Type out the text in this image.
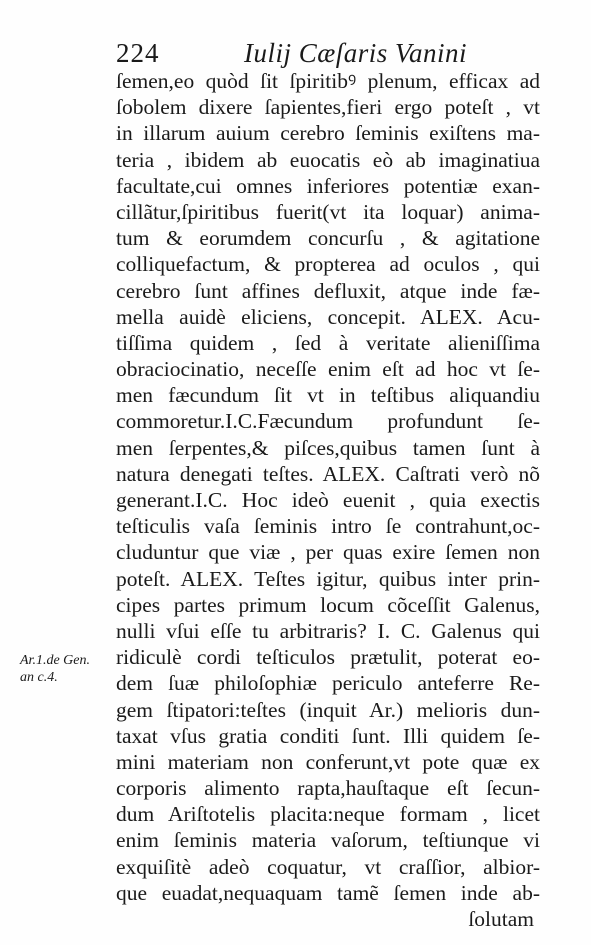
224	Iulij Cæſaris Vanini
ſemen,eo quòd ſit ſpiritibꝰ plenum, efficax ad
ſobolem dixere ſapientes,fieri ergo poteſt , vt
in illarum auium cerebro ſeminis exiſtens ma-
teria , ibidem ab euocatis eò ab imaginatiua
facultate,cui omnes inferiores potentiæ exan-
cillãtur,ſpiritibus fuerit(vt ita loquar) anima-
tum & eorumdem concurſu , & agitatione
colliquefactum, & propterea ad oculos , qui
cerebro ſunt affines defluxit, atque inde fæ-
mella auidè eliciens, concepit. ALEX. Acu-
tiſſima quidem , ſed à veritate alieniſſima
obraciocinatio, neceſſe enim eſt ad hoc vt ſe-
men fæcundum ſit vt in teſtibus aliquandiu
commoretur.I.C.Fæcundum profundunt ſe-
men ſerpentes,& piſces,quibus tamen ſunt à
natura denegati teſtes. ALEX. Caſtrati verò nõ
generant.I.C. Hoc ideò euenit , quia exectis
teſticulis vaſa ſeminis intro ſe contrahunt,oc-
cluduntur que viæ , per quas exire ſemen non
poteſt. ALEX. Teſtes igitur, quibus inter prin-
cipes partes primum locum cõceſſit Galenus,
nulli vſui eſſe tu arbitraris? I. C. Galenus qui
ridiculè cordi teſticulos prætulit, poterat eo-
dem ſuæ philoſophiæ periculo anteferre Re-
gem ſtipatori:teſtes (inquit Ar.) melioris dun-
taxat vſus gratia conditi ſunt. Illi quidem ſe-
mini materiam non conferunt,vt pote quæ ex
corporis alimento rapta,hauſtaque eſt ſecun-
dum Ariſtotelis placita:neque formam , licet
enim ſeminis materia vaſorum, teſtiunque vi
exquiſitè adeò coquatur, vt craſſior, albior-
que euadat,nequaquam tamẽ ſemen inde ab-
ſolutam
Ar.1.de Gen.
an c.4.
